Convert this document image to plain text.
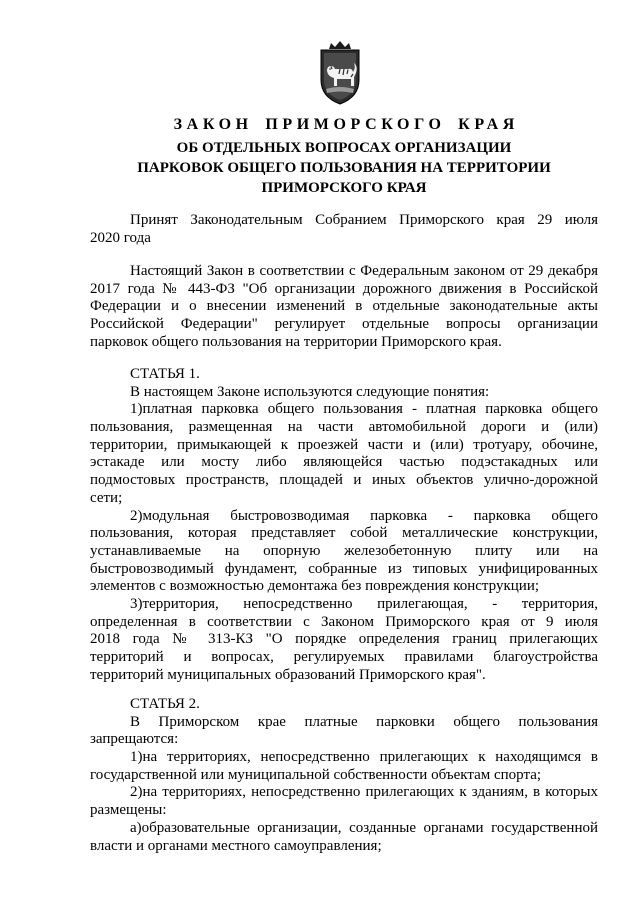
ЗАКОН ПРИМОРСКОГО КРАЯ
ОБ ОТДЕЛЬНЫХ ВОПРОСАХ ОРГАНИЗАЦИИ
ПАРКОВОК ОБЩЕГО ПОЛЬЗОВАНИЯ НА ТЕРРИТОРИИ
ПРИМОРСКОГО КРАЯ
Принят Законодательным Собранием Приморского края 29 июля
2020 года
Настоящий Закон в соответствии с Федеральным законом от 29 декабря
2017 года № 443-ФЗ "Об организации дорожного движения в Российской
Федерации и о внесении изменений в отдельные законодательные акты
Российской Федерации" регулирует отдельные вопросы организации
парковок общего пользования на территории Приморского края.
СТАТЬЯ 1.
В настоящем Законе используются следующие понятия:
1)платная парковка общего пользования - платная парковка общего
пользования, размещенная на части автомобильной дороги и (или)
территории, примыкающей к проезжей части и (или) тротуару, обочине,
эстакаде или мосту либо являющейся частью подэстакадных или
подмостовых пространств, площадей и иных объектов улично-дорожной
сети;
2)модульная быстровозводимая парковка - парковка общего
пользования, которая представляет собой металлические конструкции,
устанавливаемые на опорную железобетонную плиту или на
быстровозводимый фундамент, собранные из типовых унифицированных
элементов с возможностью демонтажа без повреждения конструкции;
3)территория, непосредственно прилегающая, - территория,
определенная в соответствии с Законом Приморского края от 9 июля
2018 года № 313-КЗ "О порядке определения границ прилегающих
территорий и вопросах, регулируемых правилами благоустройства
территорий муниципальных образований Приморского края".
СТАТЬЯ 2.
В Приморском крае платные парковки общего пользования
запрещаются:
1)на территориях, непосредственно прилегающих к находящимся в
государственной или муниципальной собственности объектам спорта;
2)на территориях, непосредственно прилегающих к зданиям, в которых
размещены:
а)образовательные организации, созданные органами государственной
власти и органами местного самоуправления;
